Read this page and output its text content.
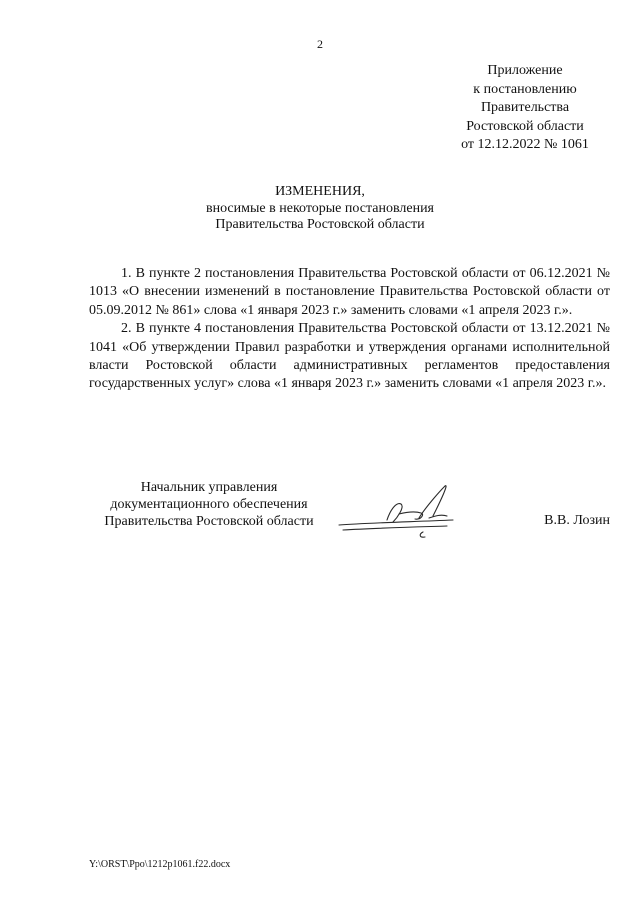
2
Приложение
к постановлению
Правительства
Ростовской области
от 12.12.2022 № 1061
ИЗМЕНЕНИЯ,
вносимые в некоторые постановления
Правительства Ростовской области

1. В пункте 2 постановления Правительства Ростовской области от 06.12.2021 № 1013 «О внесении изменений в постановление Правительства Ростовской области от 05.09.2012 № 861» слова «1 января 2023 г.» заменить словами «1 апреля 2023 г.».

2. В пункте 4 постановления Правительства Ростовской области от 13.12.2021 № 1041 «Об утверждении Правил разработки и утверждения органами исполнительной власти Ростовской области административных регламентов предоставления государственных услуг» слова «1 января 2023 г.» заменить словами «1 апреля 2023 г.».

Начальник управления
документационного обеспечения
Правительства Ростовской области	В.В. Лозин
Y:\ORST\Ppo\1212p1061.f22.docx
